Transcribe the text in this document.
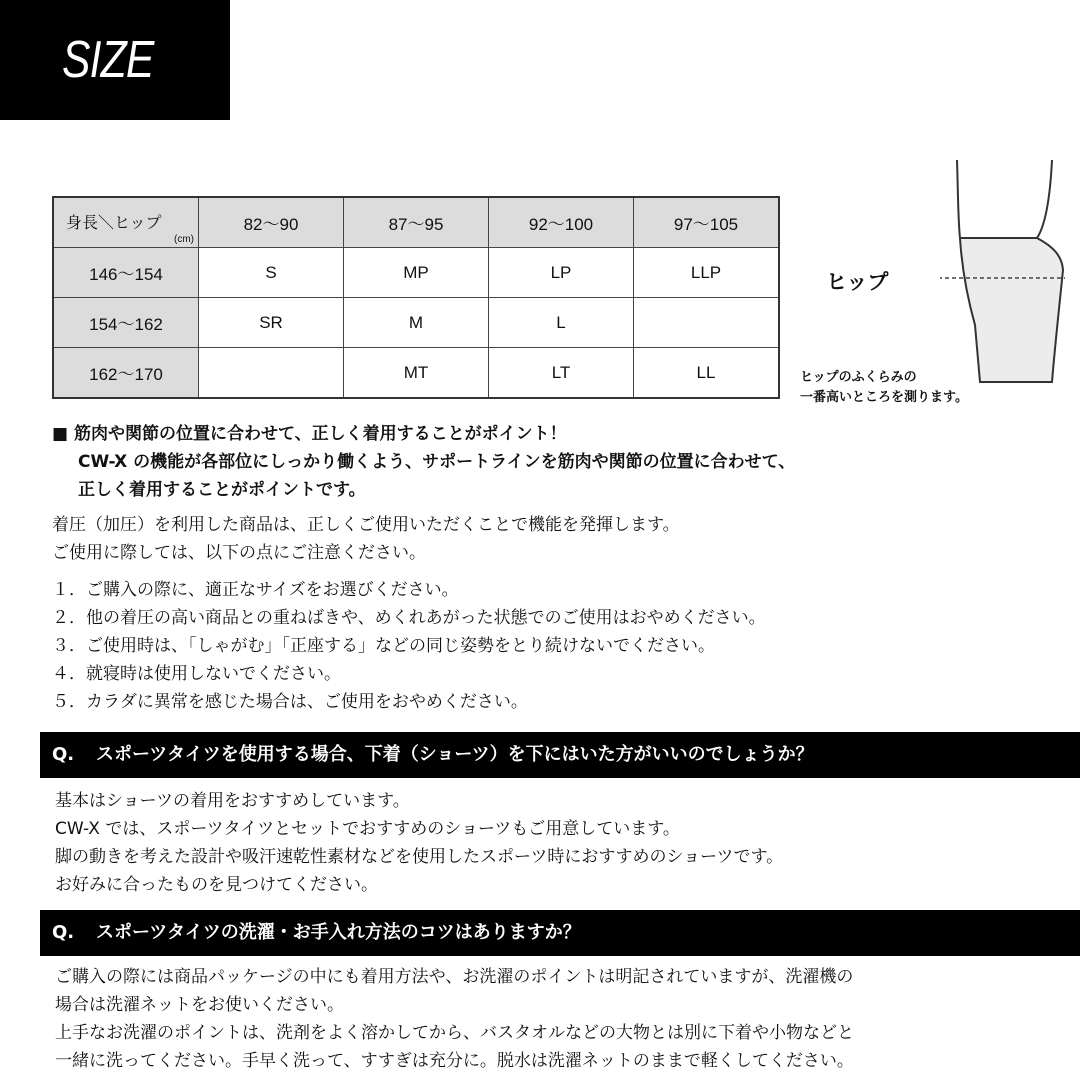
SIZE
身長＼ヒップ
(cm)	82〜90	87〜95	92〜100	97〜105
146〜154	S	MP	LP	LLP
154〜162	SR	M	L	
162〜170		MT	LT	LL
ヒップ
ヒップのふくらみの
一番高いところを測ります。
■ 筋肉や関節の位置に合わせて、正しく着用することがポイント！
CW-X の機能が各部位にしっかり働くよう、サポートラインを筋肉や関節の位置に合わせて、
正しく着用することがポイントです。
着圧（加圧）を利用した商品は、正しくご使用いただくことで機能を発揮します。
ご使用に際しては、以下の点にご注意ください。
１．ご購入の際に、適正なサイズをお選びください。
２．他の着圧の高い商品との重ねばきや、めくれあがった状態でのご使用はおやめください。
３．ご使用時は、「しゃがむ」「正座する」などの同じ姿勢をとり続けないでください。
４．就寝時は使用しないでください。
５．カラダに異常を感じた場合は、ご使用をおやめください。
Q. スポーツタイツを使用する場合、下着（ショーツ）を下にはいた方がいいのでしょうか？
基本はショーツの着用をおすすめしています。
CW-X では、スポーツタイツとセットでおすすめのショーツもご用意しています。
脚の動きを考えた設計や吸汗速乾性素材などを使用したスポーツ時におすすめのショーツです。
お好みに合ったものを見つけてください。
Q. スポーツタイツの洗濯・お手入れ方法のコツはありますか？
ご購入の際には商品パッケージの中にも着用方法や、お洗濯のポイントは明記されていますが、洗濯機の
場合は洗濯ネットをお使いください。
上手なお洗濯のポイントは、洗剤をよく溶かしてから、バスタオルなどの大物とは別に下着や小物などと
一緒に洗ってください。手早く洗って、すすぎは充分に。脱水は洗濯ネットのままで軽くしてください。
